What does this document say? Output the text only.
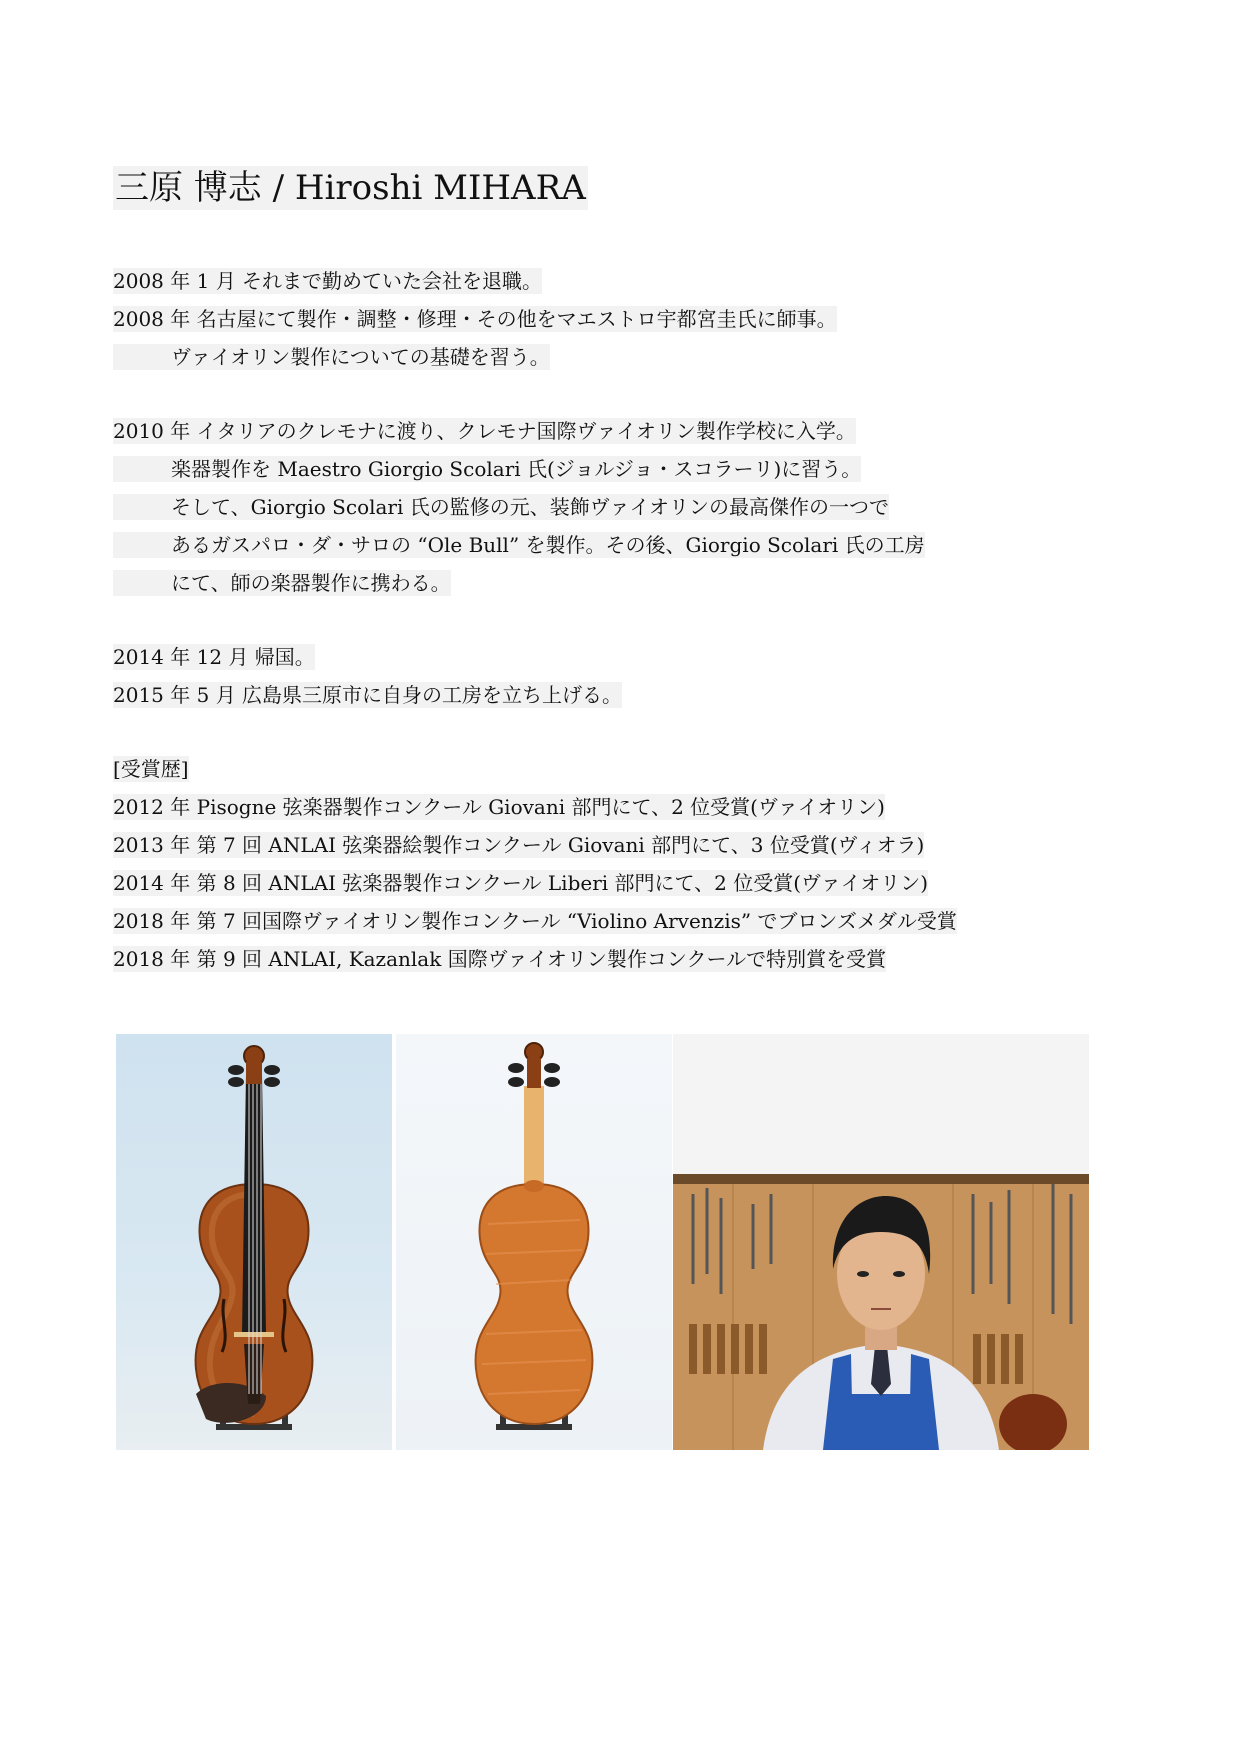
三原 博志 / Hiroshi MIHARA
2008 年 1 月 それまで勤めていた会社を退職。
2008 年 名古屋にて製作・調整・修理・その他をマエストロ宇都宮圭氏に師事。
ヴァイオリン製作についての基礎を習う。
2010 年 イタリアのクレモナに渡り、クレモナ国際ヴァイオリン製作学校に入学。
楽器製作を Maestro Giorgio Scolari 氏(ジョルジョ・スコラーリ)に習う。
そして、Giorgio Scolari 氏の監修の元、装飾ヴァイオリンの最高傑作の一つで
あるガスパロ・ダ・サロの “Ole Bull” を製作。その後、Giorgio Scolari 氏の工房
にて、師の楽器製作に携わる。
2014 年 12 月 帰国。
2015 年 5 月 広島県三原市に自身の工房を立ち上げる。
[受賞歴]
2012 年 Pisogne 弦楽器製作コンクール Giovani 部門にて、2 位受賞(ヴァイオリン)
2013 年 第 7 回 ANLAI 弦楽器絵製作コンクール Giovani 部門にて、3 位受賞(ヴィオラ)
2014 年 第 8 回 ANLAI 弦楽器製作コンクール Liberi 部門にて、2 位受賞(ヴァイオリン)
2018 年 第 7 回国際ヴァイオリン製作コンクール “Violino Arvenzis” でブロンズメダル受賞
2018 年 第 9 回 ANLAI, Kazanlak 国際ヴァイオリン製作コンクールで特別賞を受賞
